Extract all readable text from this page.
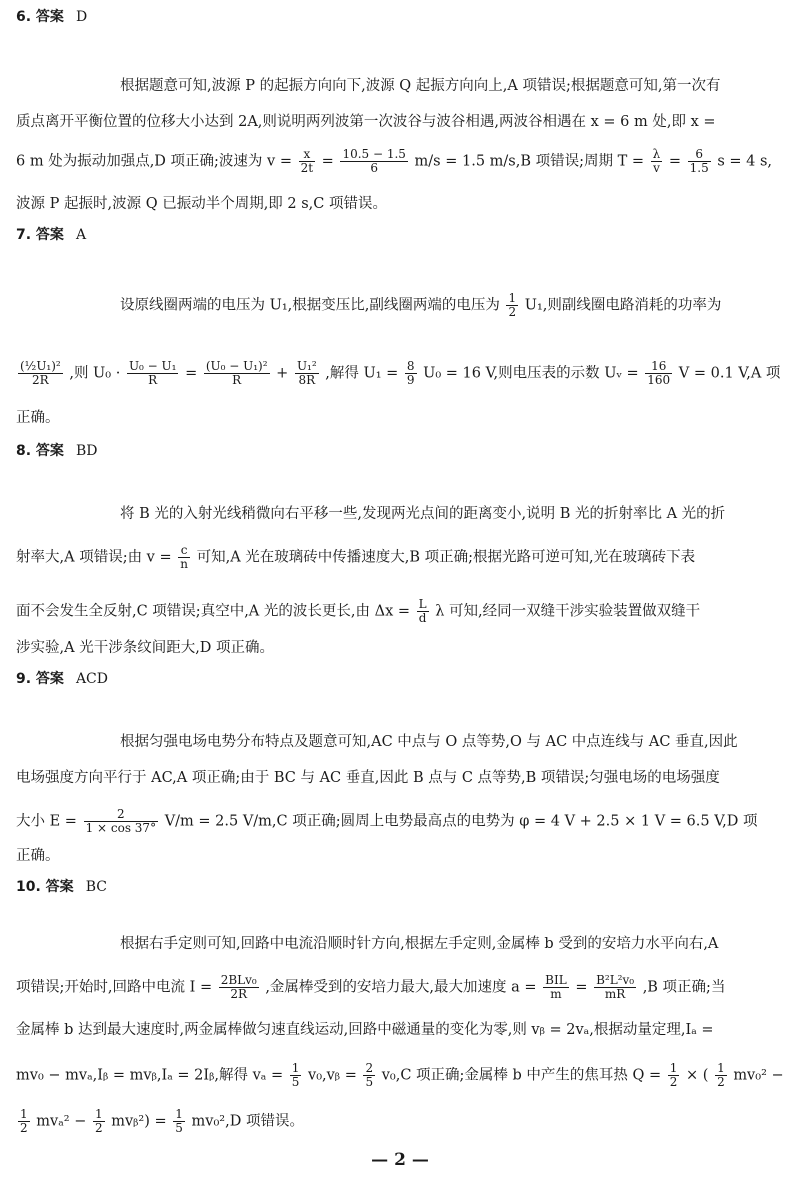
6. 答案 D
根据题意可知,波源 P 的起振方向向下,波源 Q 起振方向向上,A 项错误;根据题意可知,第一次有
质点离开平衡位置的位移大小达到 2A,则说明两列波第一次波谷与波谷相遇,两波谷相遇在 x = 6 m 处,即 x =
6 m 处为振动加强点,D 项正确;波速为 $v = \frac{x}{2t} = \frac{10.5 - 1.5}{6} m/s = 1.5$ m/s,B 项错误;周期 $T = \frac{\lambda}{v} = \frac{6}{1.5}$ s = 4 s,
波源 P 起振时,波源 Q 已振动半个周期,即 2 s,C 项错误。
7. 答案 A
设原线圈两端的电压为 U₁,根据变压比,副线圈两端的电压为 $\frac{1}{2} U_1$,则副线圈电路消耗的功率为
$\frac{\text{(½U₁)²}}{2R}$ ,则 $U_0 \cdot \frac{\text{U₀ − U₁}}{R} = \frac{\text{(U₀ − U₁)²}}{R} + \frac{\text{U₁²}}{8R}$ ,解得 $U_1 = \frac{8}{9} U_0 = 16$ V,则电压表的示数 Uᵥ = $\frac{16}{160}$ V = 0.1 V,A 项
正确。
8. 答案 BD
将 B 光的入射光线稍微向右平移一些,发现两光点间的距离变小,说明 B 光的折射率比 A 光的折
射率大,A 项错误;由 $v = \frac{c}{n}$ 可知,A 光在玻璃砖中传播速度大,B 项正确;根据光路可逆可知,光在玻璃砖下表
面不会发生全反射,C 项错误;真空中,A 光的波长更长,由 $\Delta x = \frac{L}{d}$ λ 可知,经同一双缝干涉实验装置做双缝干
涉实验,A 光干涉条纹间距大,D 项正确。
9. 答案 ACD
根据匀强电场电势分布特点及题意可知,AC 中点与 O 点等势,O 与 AC 中点连线与 AC 垂直,因此
电场强度方向平行于 AC,A 项正确;由于 BC 与 AC 垂直,因此 B 点与 C 点等势,B 项错误;匀强电场的电场强度
大小 $E = \frac{2}{1 \times \cos 37^\circ} V/m = 2.5$ V/m,C 项正确;圆周上电势最高点的电势为 φ = 4 V + 2.5 × 1 V = 6.5 V,D 项
正确。
10. 答案 BC
根据右手定则可知,回路中电流沿顺时针方向,根据左手定则,金属棒 b 受到的安培力水平向右,A
项错误;开始时,回路中电流 $I = \frac{\text{2BLv₀}}{2R}$ ,金属棒受到的安培力最大,最大加速度 $a = \frac{\text{BIL}}{m} = \frac{\text{B²L²v₀}}{mR} ,B$ 项正确;当
金属棒 b 达到最大速度时,两金属棒做匀速直线运动,回路中磁通量的变化为零,则 vᵦ = 2vₐ,根据动量定理,Iₐ =
mv₀ − mvₐ,Iᵦ = mvᵦ,Iₐ = 2Iᵦ,解得 $v_a = \frac{1}{5}$ v₀,vᵦ = $\frac{2}{5} v_0,C$ 项正确;金属棒 b 中产生的焦耳热 $Q = \frac{1}{2}$ × ( $\frac{1}{2} mv_0^2$ −
$\frac{1}{2} mv_a^2 - \frac{1}{2}$ mvᵦ²) = $\frac{1}{5} mv_0^2,D$ 项错误。
— 2 —
